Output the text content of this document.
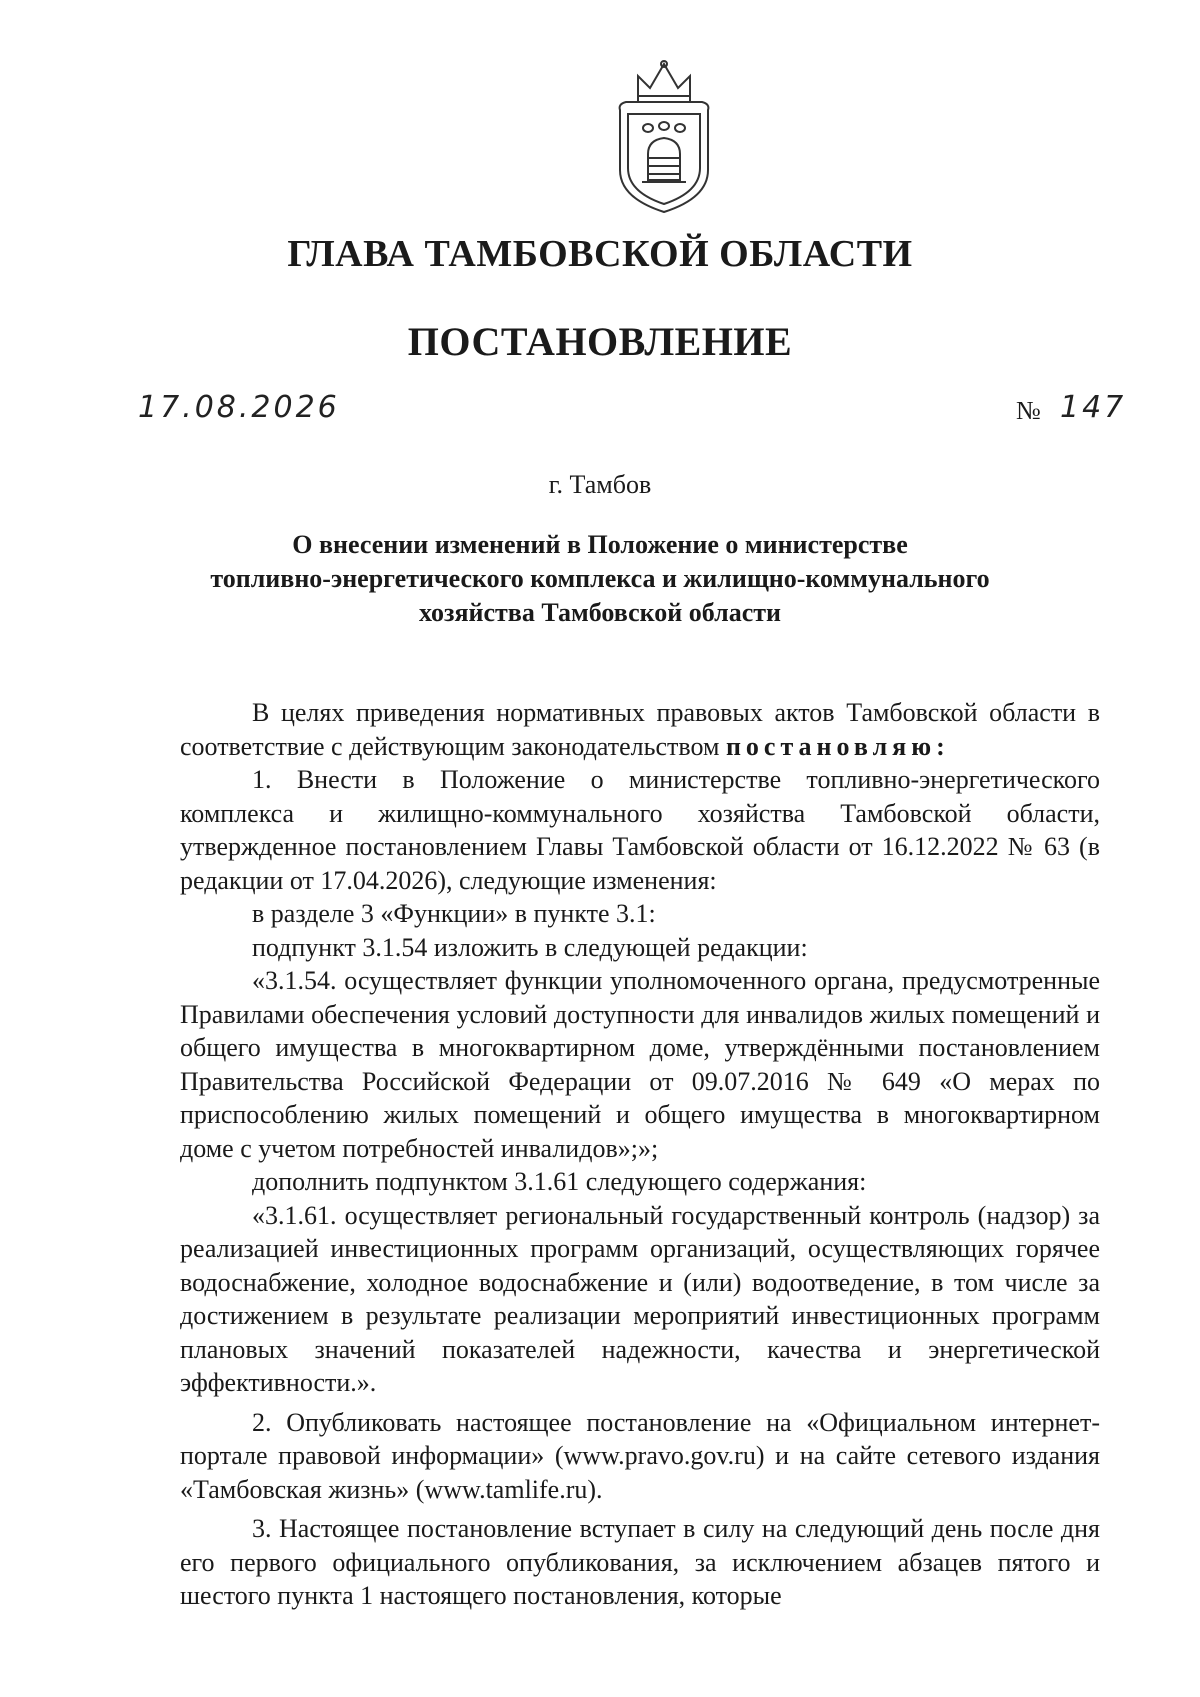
ГЛАВА ТАМБОВСКОЙ ОБЛАСТИ
ПОСТАНОВЛЕНИЕ
17.08.2026	№ 147
г. Тамбов
О внесении изменений в Положение о министерстве
топливно-энергетического комплекса и жилищно-коммунального
хозяйства Тамбовской области

В целях приведения нормативных правовых актов Тамбовской области в соответствие с действующим законодательством постановляю:

1. Внести в Положение о министерстве топливно-энергетического комплекса и жилищно-коммунального хозяйства Тамбовской области, утвержденное постановлением Главы Тамбовской области от 16.12.2022 № 63 (в редакции от 17.04.2026), следующие изменения:

в разделе 3 «Функции» в пункте 3.1:

подпункт 3.1.54 изложить в следующей редакции:

«3.1.54. осуществляет функции уполномоченного органа, предусмотренные Правилами обеспечения условий доступности для инвалидов жилых помещений и общего имущества в многоквартирном доме, утверждёнными постановлением Правительства Российской Федерации от 09.07.2016 № 649 «О мерах по приспособлению жилых помещений и общего имущества в многоквартирном доме с учетом потребностей инвалидов»;»;

дополнить подпунктом 3.1.61 следующего содержания:

«3.1.61. осуществляет региональный государственный контроль (надзор) за реализацией инвестиционных программ организаций, осуществляющих горячее водоснабжение, холодное водоснабжение и (или) водоотведение, в том числе за достижением в результате реализации мероприятий инвестиционных программ плановых значений показателей надежности, качества и энергетической эффективности.».

2. Опубликовать настоящее постановление на «Официальном интернет-портале правовой информации» (www.pravo.gov.ru) и на сайте сетевого издания «Тамбовская жизнь» (www.tamlife.ru).

3. Настоящее постановление вступает в силу на следующий день после дня его первого официального опубликования, за исключением абзацев пятого и шестого пункта 1 настоящего постановления, которые
